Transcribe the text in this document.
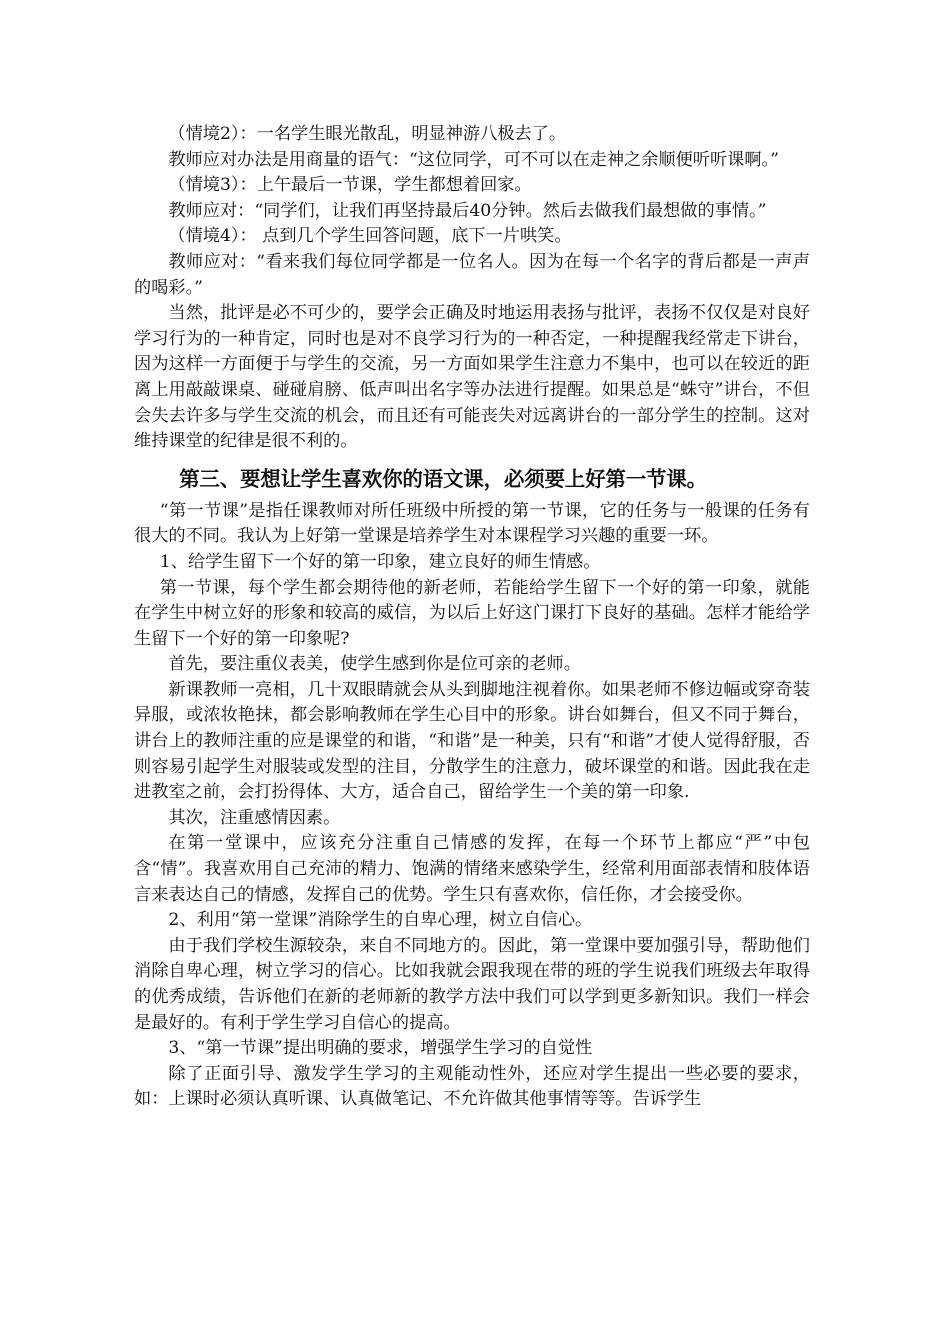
（情境2）：一名学生眼光散乱，明显神游八极去了。

教师应对办法是用商量的语气：“这位同学，可不可以在走神之余顺便听听课啊。”

（情境3）：上午最后一节课，学生都想着回家。

教师应对：“同学们，让我们再坚持最后40分钟。然后去做我们最想做的事情。”

（情境4）： 点到几个学生回答问题，底下一片哄笑。

教师应对：“看来我们每位同学都是一位名人。因为在每一个名字的背后都是一声声的喝彩。”

当然，批评是必不可少的，要学会正确及时地运用表扬与批评，表扬不仅仅是对良好学习行为的一种肯定，同时也是对不良学习行为的一种否定，一种提醒我经常走下讲台，因为这样一方面便于与学生的交流，另一方面如果学生注意力不集中，也可以在较近的距离上用敲敲课桌、碰碰肩膀、低声叫出名字等办法进行提醒。如果总是“蛛守”讲台，不但会失去许多与学生交流的机会，而且还有可能丧失对远离讲台的一部分学生的控制。这对维持课堂的纪律是很不利的。

第三、要想让学生喜欢你的语文课，必须要上好第一节课。

“第一节课”是指任课教师对所任班级中所授的第一节课，它的任务与一般课的任务有很大的不同。我认为上好第一堂课是培养学生对本课程学习兴趣的重要一环。

1、给学生留下一个好的第一印象，建立良好的师生情感。

第一节课，每个学生都会期待他的新老师，若能给学生留下一个好的第一印象，就能在学生中树立好的形象和较高的威信，为以后上好这门课打下良好的基础。怎样才能给学生留下一个好的第一印象呢?

首先，要注重仪表美，使学生感到你是位可亲的老师。

新课教师一亮相，几十双眼睛就会从头到脚地注视着你。如果老师不修边幅或穿奇装异服，或浓妆艳抹，都会影响教师在学生心目中的形象。讲台如舞台，但又不同于舞台，讲台上的教师注重的应是课堂的和谐，“和谐”是一种美，只有“和谐”才使人觉得舒服，否则容易引起学生对服装或发型的注目，分散学生的注意力，破坏课堂的和谐。因此我在走进教室之前，会打扮得体、大方，适合自己，留给学生一个美的第一印象.

其次，注重感情因素。

在第一堂课中，应该充分注重自己情感的发挥，在每一个环节上都应“严”中包含“情”。我喜欢用自己充沛的精力、饱满的情绪来感染学生，经常利用面部表情和肢体语言来表达自己的情感，发挥自己的优势。学生只有喜欢你，信任你，才会接受你。

2、利用“第一堂课”消除学生的自卑心理，树立自信心。

由于我们学校生源较杂，来自不同地方的。因此，第一堂课中要加强引导，帮助他们消除自卑心理，树立学习的信心。比如我就会跟我现在带的班的学生说我们班级去年取得的优秀成绩，告诉他们在新的老师新的教学方法中我们可以学到更多新知识。我们一样会是最好的。有利于学生学习自信心的提高。

3、“第一节课”提出明确的要求，增强学生学习的自觉性

除了正面引导、激发学生学习的主观能动性外，还应对学生提出一些必要的要求，如：上课时必须认真听课、认真做笔记、不允许做其他事情等等。告诉学生
